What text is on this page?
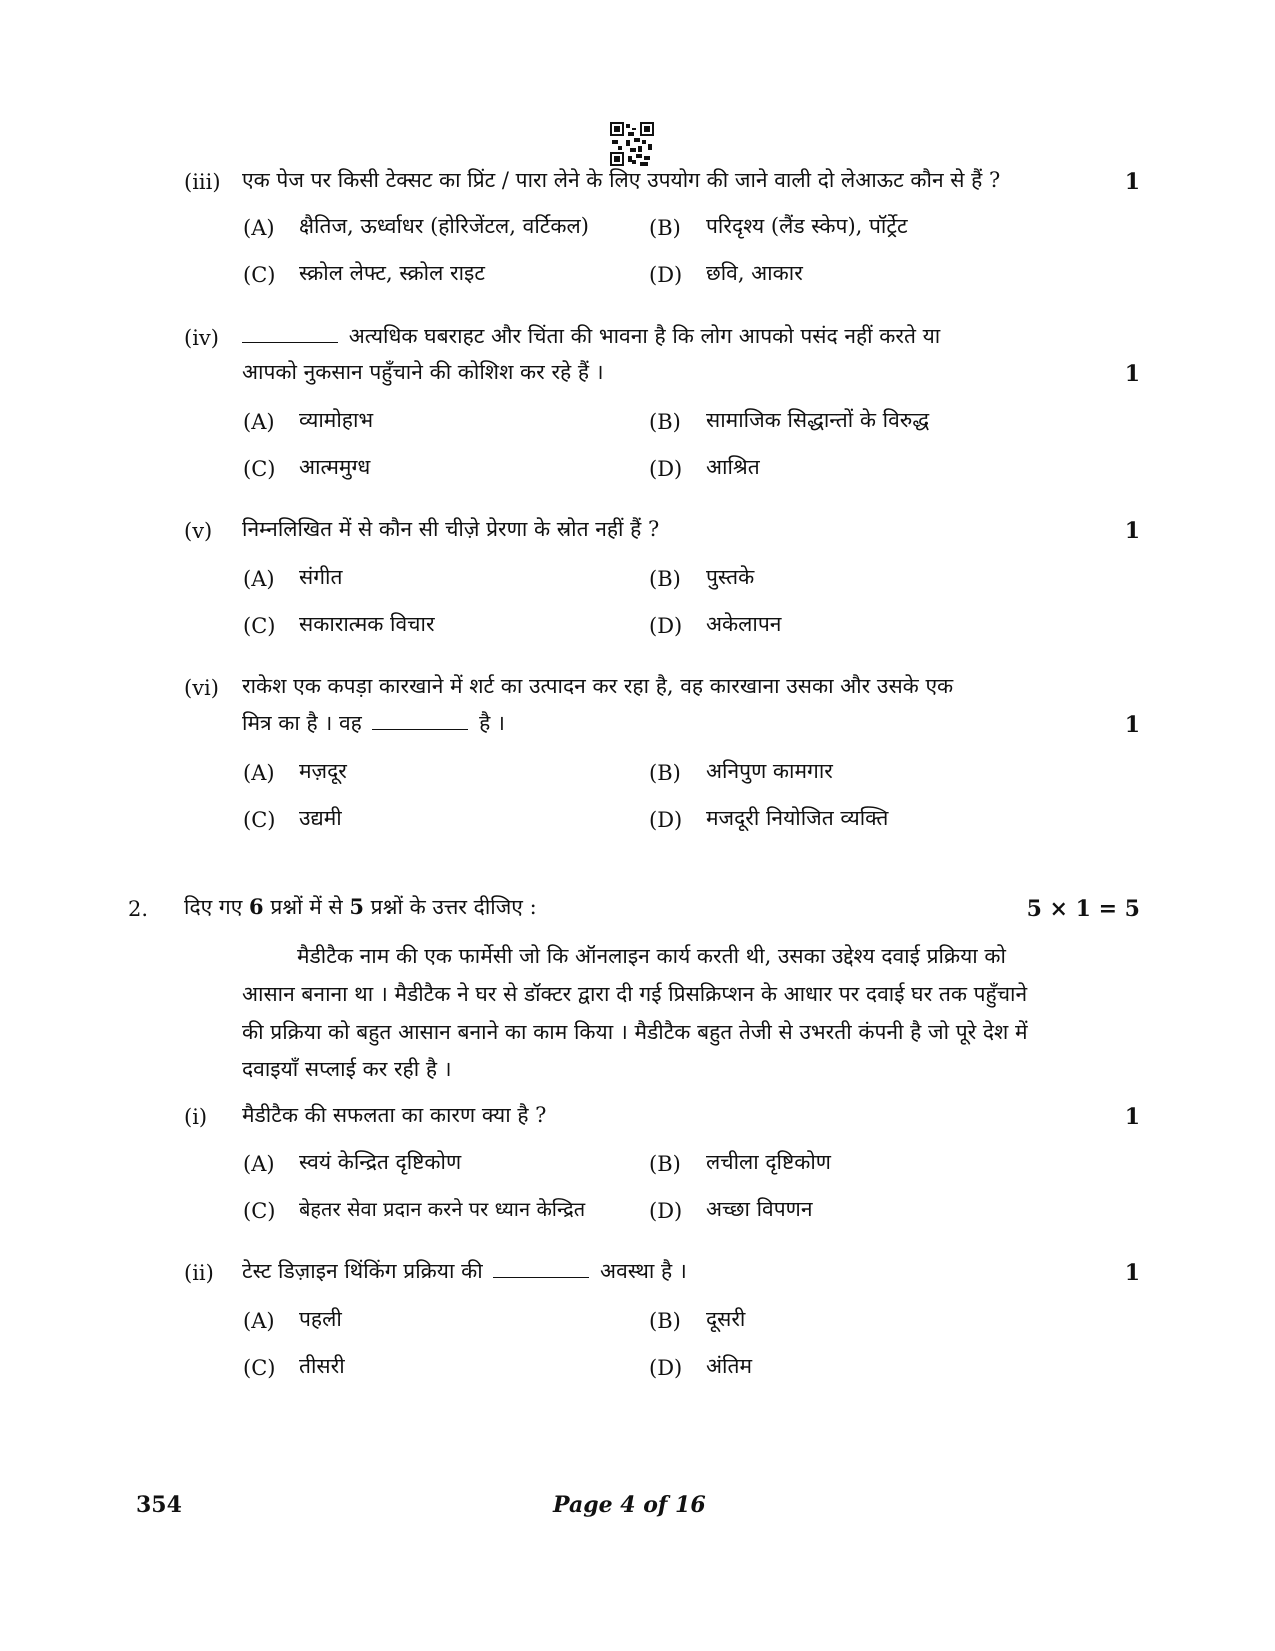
(iii) एक पेज पर किसी टेक्सट का प्रिंट / पारा लेने के लिए उपयोग की जाने वाली दो लेआऊट कौन से हैं ?	1
(A) क्षैतिज, ऊर्ध्वाधर (होरिजेंटल, वर्टिकल)	(B) परिदृश्य (लैंड स्केप), पॉर्ट्रेट
(C) स्क्रोल लेफ्ट, स्क्रोल राइट	(D) छवि, आकार
(iv)	अत्यधिक घबराहट और चिंता की भावना है कि लोग आपको पसंद नहीं करते या
आपको नुकसान पहुँचाने की कोशिश कर रहे हैं ।	1
(A) व्यामोहाभ	(B) सामाजिक सिद्धान्तों के विरुद्ध
(C) आत्ममुग्ध	(D) आश्रित
(v) निम्नलिखित में से कौन सी चीज़े प्रेरणा के स्रोत नहीं हैं ?	1
(A) संगीत	(B) पुस्तके
(C) सकारात्मक विचार	(D) अकेलापन
(vi) राकेश एक कपड़ा कारखाने में शर्ट का उत्पादन कर रहा है, वह कारखाना उसका और उसके एक
मित्र का है । वह	है ।	1
(A) मज़दूर	(B) अनिपुण कामगार
(C) उद्यमी	(D) मजदूरी नियोजित व्यक्ति
2. दिए गए 6 प्रश्नों में से 5 प्रश्नों के उत्तर दीजिए :	5 × 1 = 5
मैडीटैक नाम की एक फार्मेसी जो कि ऑनलाइन कार्य करती थी, उसका उद्देश्य दवाई प्रक्रिया को
आसान बनाना था । मैडीटैक ने घर से डॉक्टर द्वारा दी गई प्रिसक्रिप्शन के आधार पर दवाई घर तक पहुँचाने
की प्रक्रिया को बहुत आसान बनाने का काम किया । मैडीटैक बहुत तेजी से उभरती कंपनी है जो पूरे देश में
दवाइयाँ सप्लाई कर रही है ।
(i) मैडीटैक की सफलता का कारण क्या है ?	1
(A) स्वयं केन्द्रित दृष्टिकोण	(B) लचीला दृष्टिकोण
(C) बेहतर सेवा प्रदान करने पर ध्यान केन्द्रित	(D) अच्छा विपणन
(ii) टेस्ट डिज़ाइन थिंकिंग प्रक्रिया की	अवस्था है ।	1
(A) पहली	(B) दूसरी
(C) तीसरी	(D) अंतिम
354	Page 4 of 16
